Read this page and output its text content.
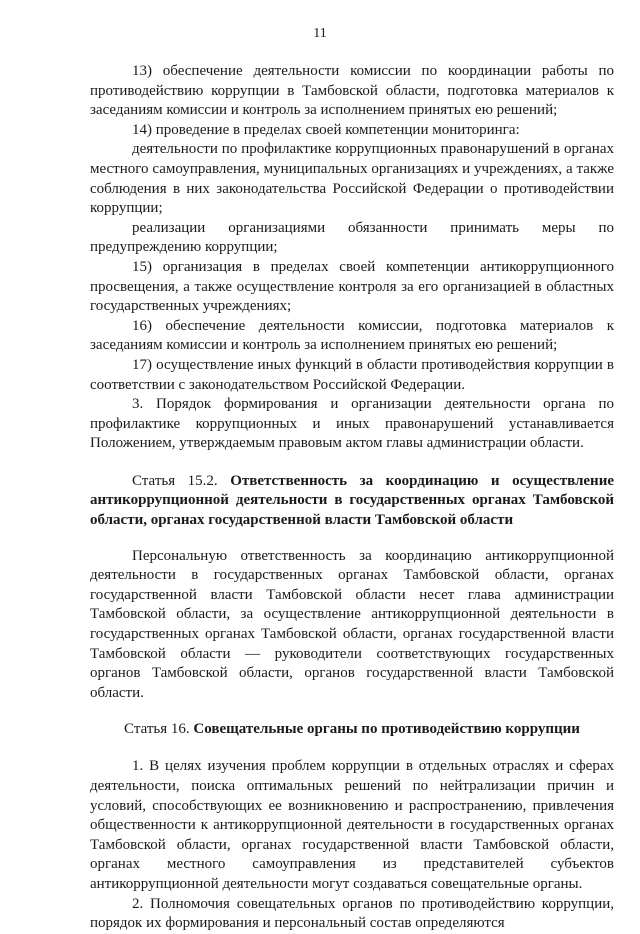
11

13) обеспечение деятельности комиссии по координации работы по противодействию коррупции в Тамбовской области, подготовка материалов к заседаниям комиссии и контроль за исполнением принятых ею решений;

14) проведение в пределах своей компетенции мониторинга:

деятельности по профилактике коррупционных правонарушений в органах местного самоуправления, муниципальных организациях и учреждениях, а также соблюдения в них законодательства Российской Федерации о противодействии коррупции;

реализации организациями обязанности принимать меры по предупреждению коррупции;

15) организация в пределах своей компетенции антикоррупционного просвещения, а также осуществление контроля за его организацией в областных государственных учреждениях;

16) обеспечение деятельности комиссии, подготовка материалов к заседаниям комиссии и контроль за исполнением принятых ею решений;

17) осуществление иных функций в области противодействия коррупции в соответствии с законодательством Российской Федерации.

3. Порядок формирования и организации деятельности органа по профилактике коррупционных и иных правонарушений устанавливается Положением, утверждаемым правовым актом главы администрации области.

Статья 15.2. Ответственность за координацию и осуществление антикоррупционной деятельности в государственных органах Тамбовской области, органах государственной власти Тамбовской области

Персональную ответственность за координацию антикоррупционной деятельности в государственных органах Тамбовской области, органах государственной власти Тамбовской области несет глава администрации Тамбовской области, за осуществление антикоррупционной деятельности в государственных органах Тамбовской области, органах государственной власти Тамбовской области — руководители соответствующих государственных органов Тамбовской области, органов государственной власти Тамбовской области.

Статья 16. Совещательные органы по противодействию коррупции

1. В целях изучения проблем коррупции в отдельных отраслях и сферах деятельности, поиска оптимальных решений по нейтрализации причин и условий, способствующих ее возникновению и распространению, привлечения общественности к антикоррупционной деятельности в государственных органах Тамбовской области, органах государственной власти Тамбовской области, органах местного самоуправления из представителей субъектов антикоррупционной деятельности могут создаваться совещательные органы.

2. Полномочия совещательных органов по противодействию коррупции, порядок их формирования и персональный состав определяются
